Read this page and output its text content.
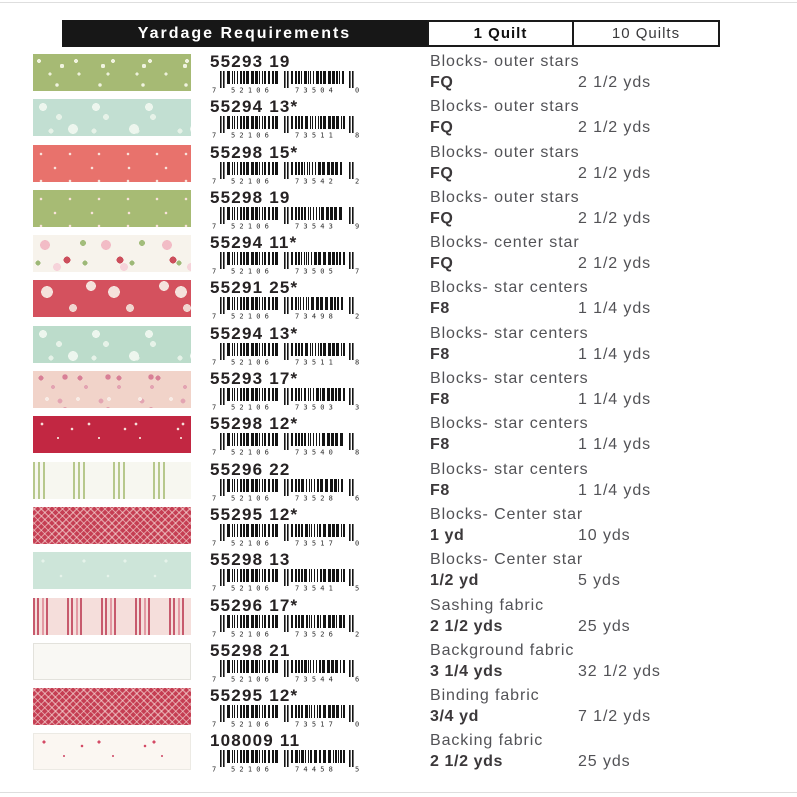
Yardage Requirements	1 Quilt	10 Quilts
55293 19
7 52106	73504	0
Blocks- outer stars
FQ	2 1/2 yds
55294 13*
7 52106	73511	8
Blocks- outer stars
FQ	2 1/2 yds
55298 15*
7 52106	73542	2
Blocks- outer stars
FQ	2 1/2 yds
55298 19
7 52106	73543	9
Blocks- outer stars
FQ	2 1/2 yds
55294 11*
7 52106	73505	7
Blocks- center star
FQ	2 1/2 yds
55291 25*
7 52106	73498	2
Blocks- star centers
F8	1 1/4 yds
55294 13*
7 52106	73511	8
Blocks- star centers
F8	1 1/4 yds
55293 17*
7 52106	73503	3
Blocks- star centers
F8	1 1/4 yds
55298 12*
7 52106	73540	8
Blocks- star centers
F8	1 1/4 yds
55296 22
7 52106	73528	6
Blocks- star centers
F8	1 1/4 yds
55295 12*
7 52106	73517	0
Blocks- Center star
1 yd	10 yds
55298 13
7 52106	73541	5
Blocks- Center star
1/2 yd	5 yds
55296 17*
7 52106	73526	2
Sashing fabric
2 1/2 yds	25 yds
55298 21
7 52106	73544	6
Background fabric
3 1/4 yds	32 1/2 yds
55295 12*
7 52106	73517	0
Binding fabric
3/4 yd	7 1/2 yds
108009 11
7 52106	74458	5
Backing fabric
2 1/2 yds	25 yds
